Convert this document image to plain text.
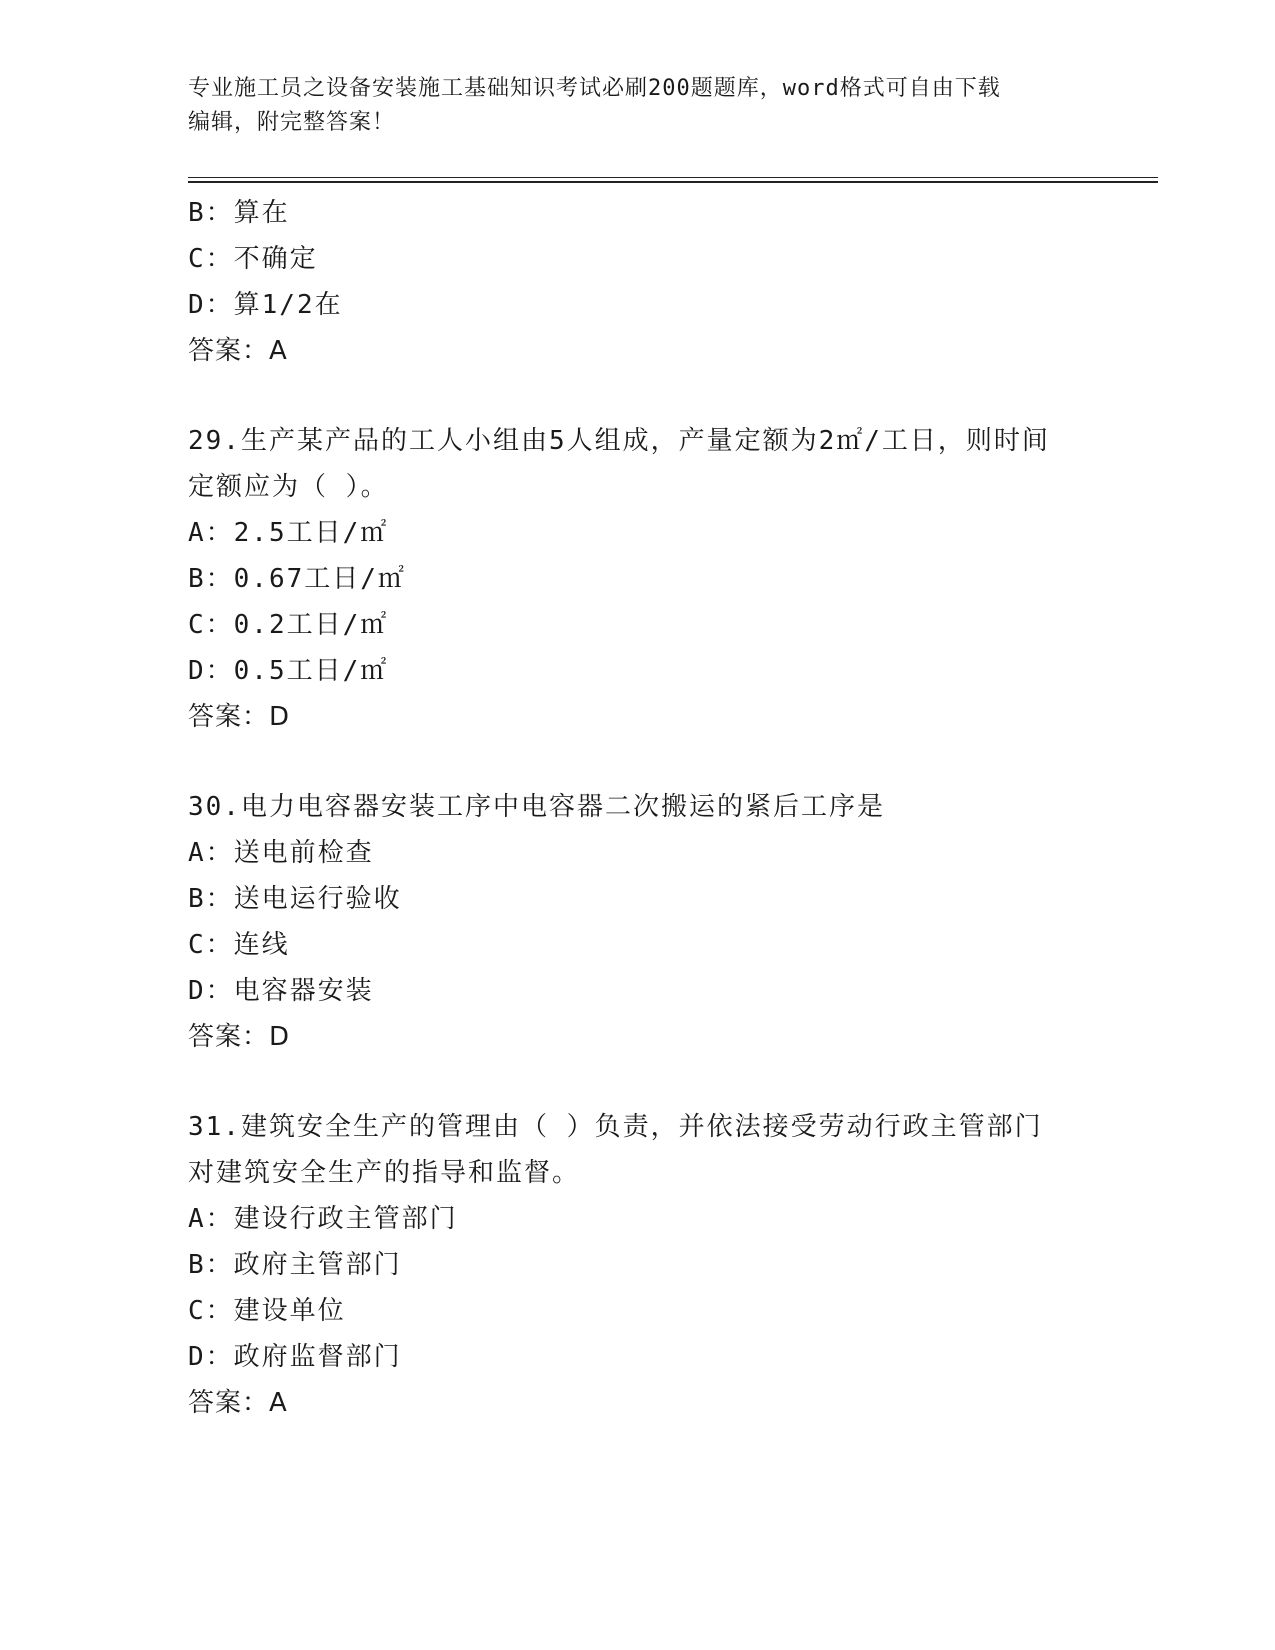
专业施工员之设备安装施工基础知识考试必刷200题题库，word格式可自由下载
编辑，附完整答案！
B：算在
C：不确定
D：算1/2在
答案：A
29.生产某产品的工人小组由5人组成，产量定额为2㎡/工日，则时间
定额应为（ ）。
A：2.5工日/㎡
B：0.67工日/㎡
C：0.2工日/㎡
D：0.5工日/㎡
答案：D
30.电力电容器安装工序中电容器二次搬运的紧后工序是
A：送电前检查
B：送电运行验收
C：连线
D：电容器安装
答案：D
31.建筑安全生产的管理由（ ）负责，并依法接受劳动行政主管部门
对建筑安全生产的指导和监督。
A：建设行政主管部门
B：政府主管部门
C：建设单位
D：政府监督部门
答案：A
